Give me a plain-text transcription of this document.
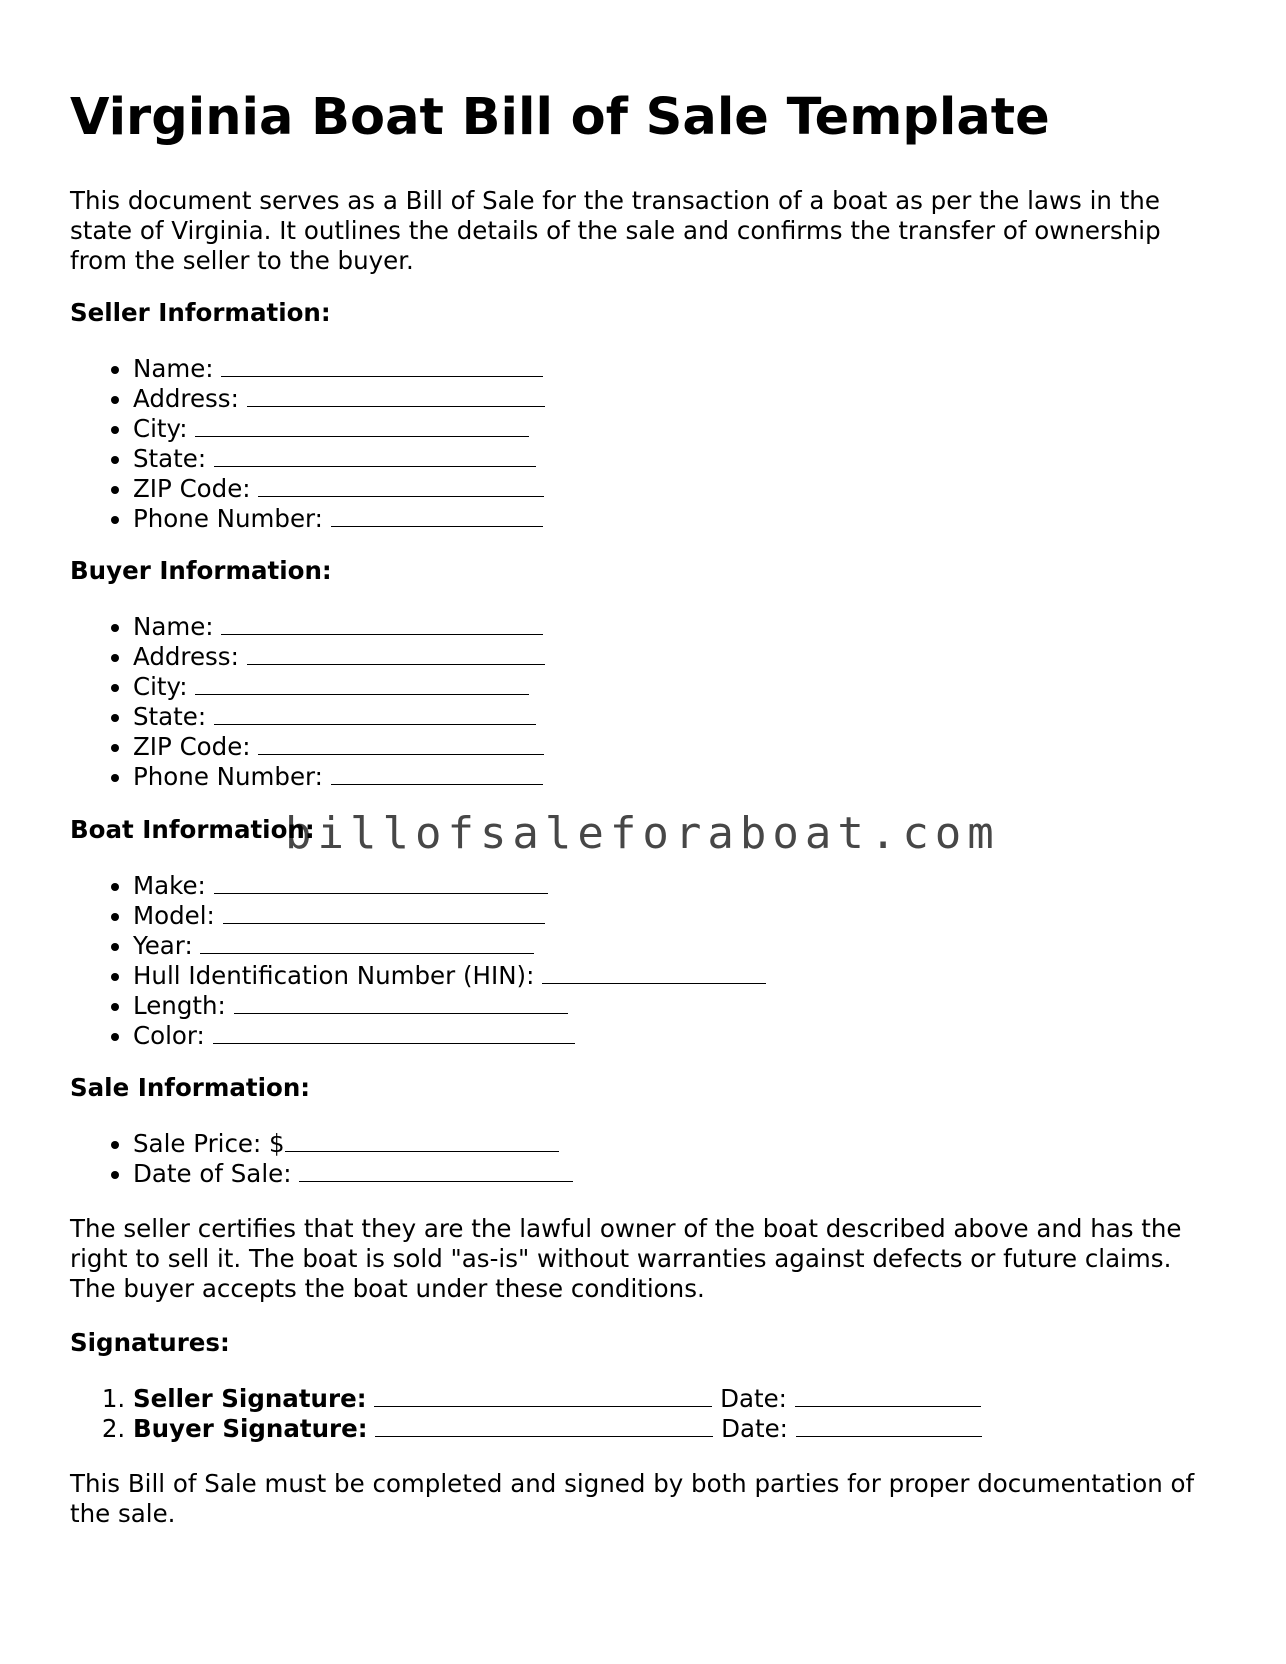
Virginia Boat Bill of Sale Template

This document serves as a Bill of Sale for the transaction of a boat as per the laws in the state of Virginia. It outlines the details of the sale and confirms the transfer of ownership from the seller to the buyer.

Seller Information:

• Name:
• Address:
• City:
• State:
• ZIP Code:
• Phone Number:

Buyer Information:

• Name:
• Address:
• City:
• State:
• ZIP Code:
• Phone Number:

Boat Information:

• Make:
• Model:
• Year:
• Hull Identification Number (HIN):
• Length:
• Color:

Sale Information:

• Sale Price: $
• Date of Sale:

The seller certifies that they are the lawful owner of the boat described above and has the right to sell it. The boat is sold "as-is" without warranties against defects or future claims. The buyer accepts the boat under these conditions.

Signatures:

1. Seller Signature:	Date:
2. Buyer Signature:	Date:

This Bill of Sale must be completed and signed by both parties for proper documentation of the sale.

billofsaleforaboat.com
